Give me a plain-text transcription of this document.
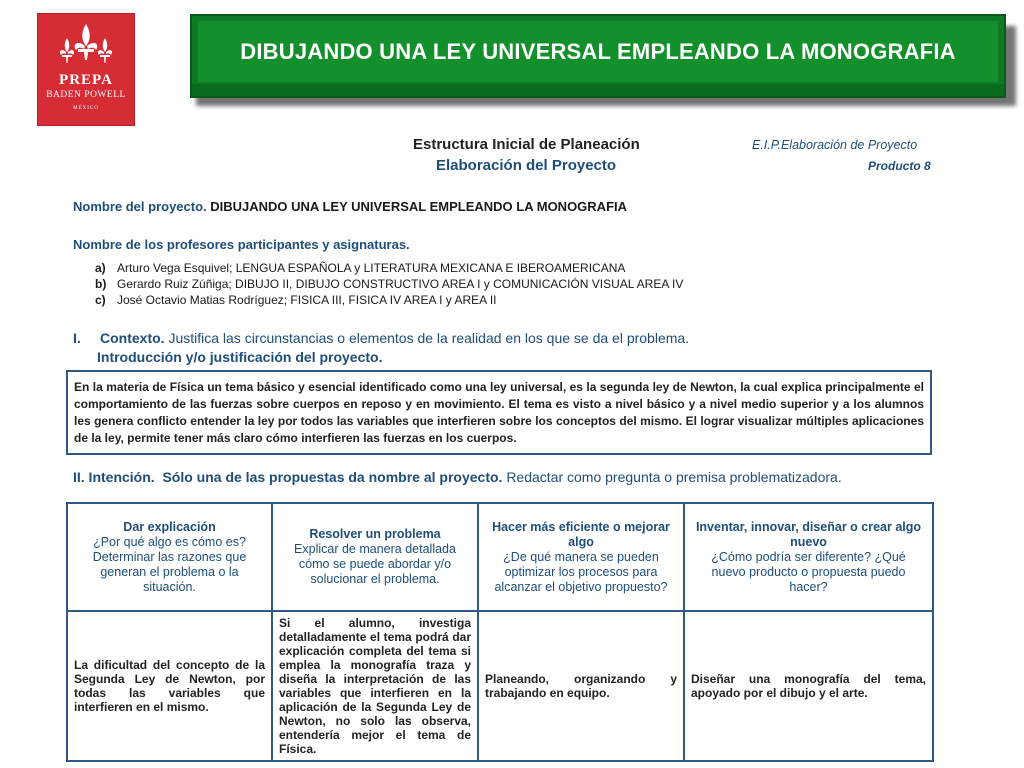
PREPA
BADEN POWELL
MÉXICO
DIBUJANDO UNA LEY UNIVERSAL EMPLEANDO LA MONOGRAFIA
Estructura Inicial de Planeación
Elaboración del Proyecto
E.I.P.Elaboración de Proyecto
Producto 8
Nombre del proyecto. DIBUJANDO UNA LEY UNIVERSAL EMPLEANDO LA MONOGRAFIA
Nombre de los profesores participantes y asignaturas.
a) Arturo Vega Esquivel; LENGUA ESPAÑOLA y LITERATURA MEXICANA E IBEROAMERICANA
b) Gerardo Ruiz Zúñiga; DIBUJO II, DIBUJO CONSTRUCTIVO AREA I y COMUNICACIÓN VISUAL AREA IV
c) José Octavio Matias Rodríguez; FISICA III, FISICA IV AREA I y AREA II
I. Contexto. Justifica las circunstancias o elementos de la realidad en los que se da el problema.
Introducción y/o justificación del proyecto.

En la materia de Física un tema básico y esencial identificado como una ley universal, es la segunda ley de Newton, la cual explica principalmente el comportamiento de las fuerzas sobre cuerpos en reposo y en movimiento. El tema es visto a nivel básico y a nivel medio superior y a los alumnos les genera conflicto entender la ley por todos las variables que interfieren sobre los conceptos del mismo. El lograr visualizar múltiples aplicaciones de la ley, permite tener más claro cómo interfieren las fuerzas en los cuerpos.

II. Intención. Sólo una de las propuestas da nombre al proyecto. Redactar como pregunta o premisa problematizadora.
Dar explicación
¿Por qué algo es cómo es? Determinar las razones que generan el problema o la situación.	Resolver un problema
Explicar de manera detallada cómo se puede abordar y/o solucionar el problema.	Hacer más eficiente o mejorar algo
¿De qué manera se pueden optimizar los procesos para alcanzar el objetivo propuesto?	Inventar, innovar, diseñar o crear algo nuevo
¿Cómo podría ser diferente? ¿Qué nuevo producto o propuesta puedo hacer?
La dificultad del concepto de la Segunda Ley de Newton, por todas las variables que interfieren en el mismo.	Si el alumno, investiga detalladamente el tema podrá dar explicación completa del tema si emplea la monografía traza y diseña la interpretación de las variables que interfieren en la aplicación de la Segunda Ley de Newton, no solo las observa, entendería mejor el tema de Física.	Planeando, organizando y trabajando en equipo.	Diseñar una monografía del tema, apoyado por el dibujo y el arte.
